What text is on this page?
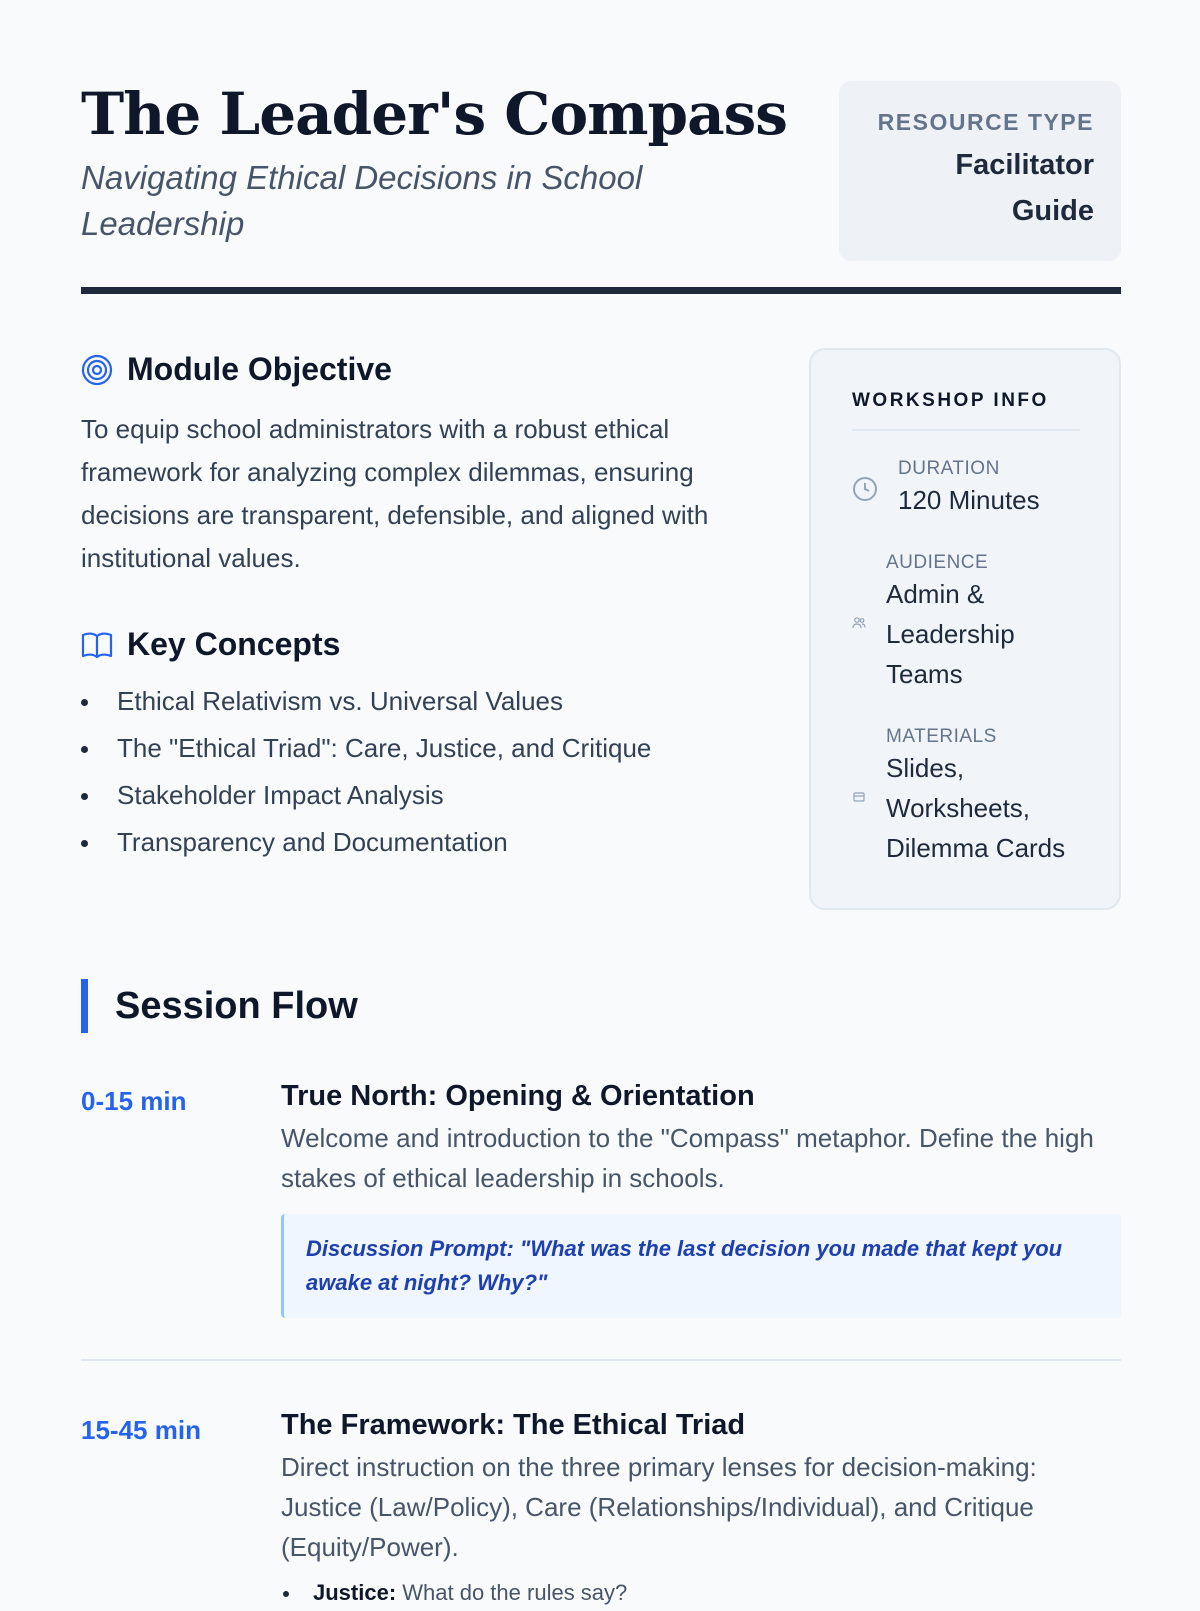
The Leader's Compass

Navigating Ethical Decisions in School Leadership

RESOURCE TYPE
Facilitator Guide
Module Objective

To equip school administrators with a robust ethical framework for analyzing complex dilemmas, ensuring decisions are transparent, defensible, and aligned with institutional values.

Key Concepts
Ethical Relativism vs. Universal Values
The "Ethical Triad": Care, Justice, and Critique
Stakeholder Impact Analysis
Transparency and Documentation
WORKSHOP INFO
DURATION
120 Minutes
AUDIENCE
Admin & Leadership Teams
MATERIALS
Slides, Worksheets, Dilemma Cards
Session Flow
0-15 min	True North: Opening & Orientation
Welcome and introduction to the "Compass" metaphor. Define the high stakes of ethical leadership in schools.
Discussion Prompt: "What was the last decision you made that kept you awake at night? Why?"
15-45 min	The Framework: The Ethical Triad
Direct instruction on the three primary lenses for decision-making: Justice (Law/Policy), Care (Relationships/Individual), and Critique (Equity/Power).
Justice: What do the rules say?
